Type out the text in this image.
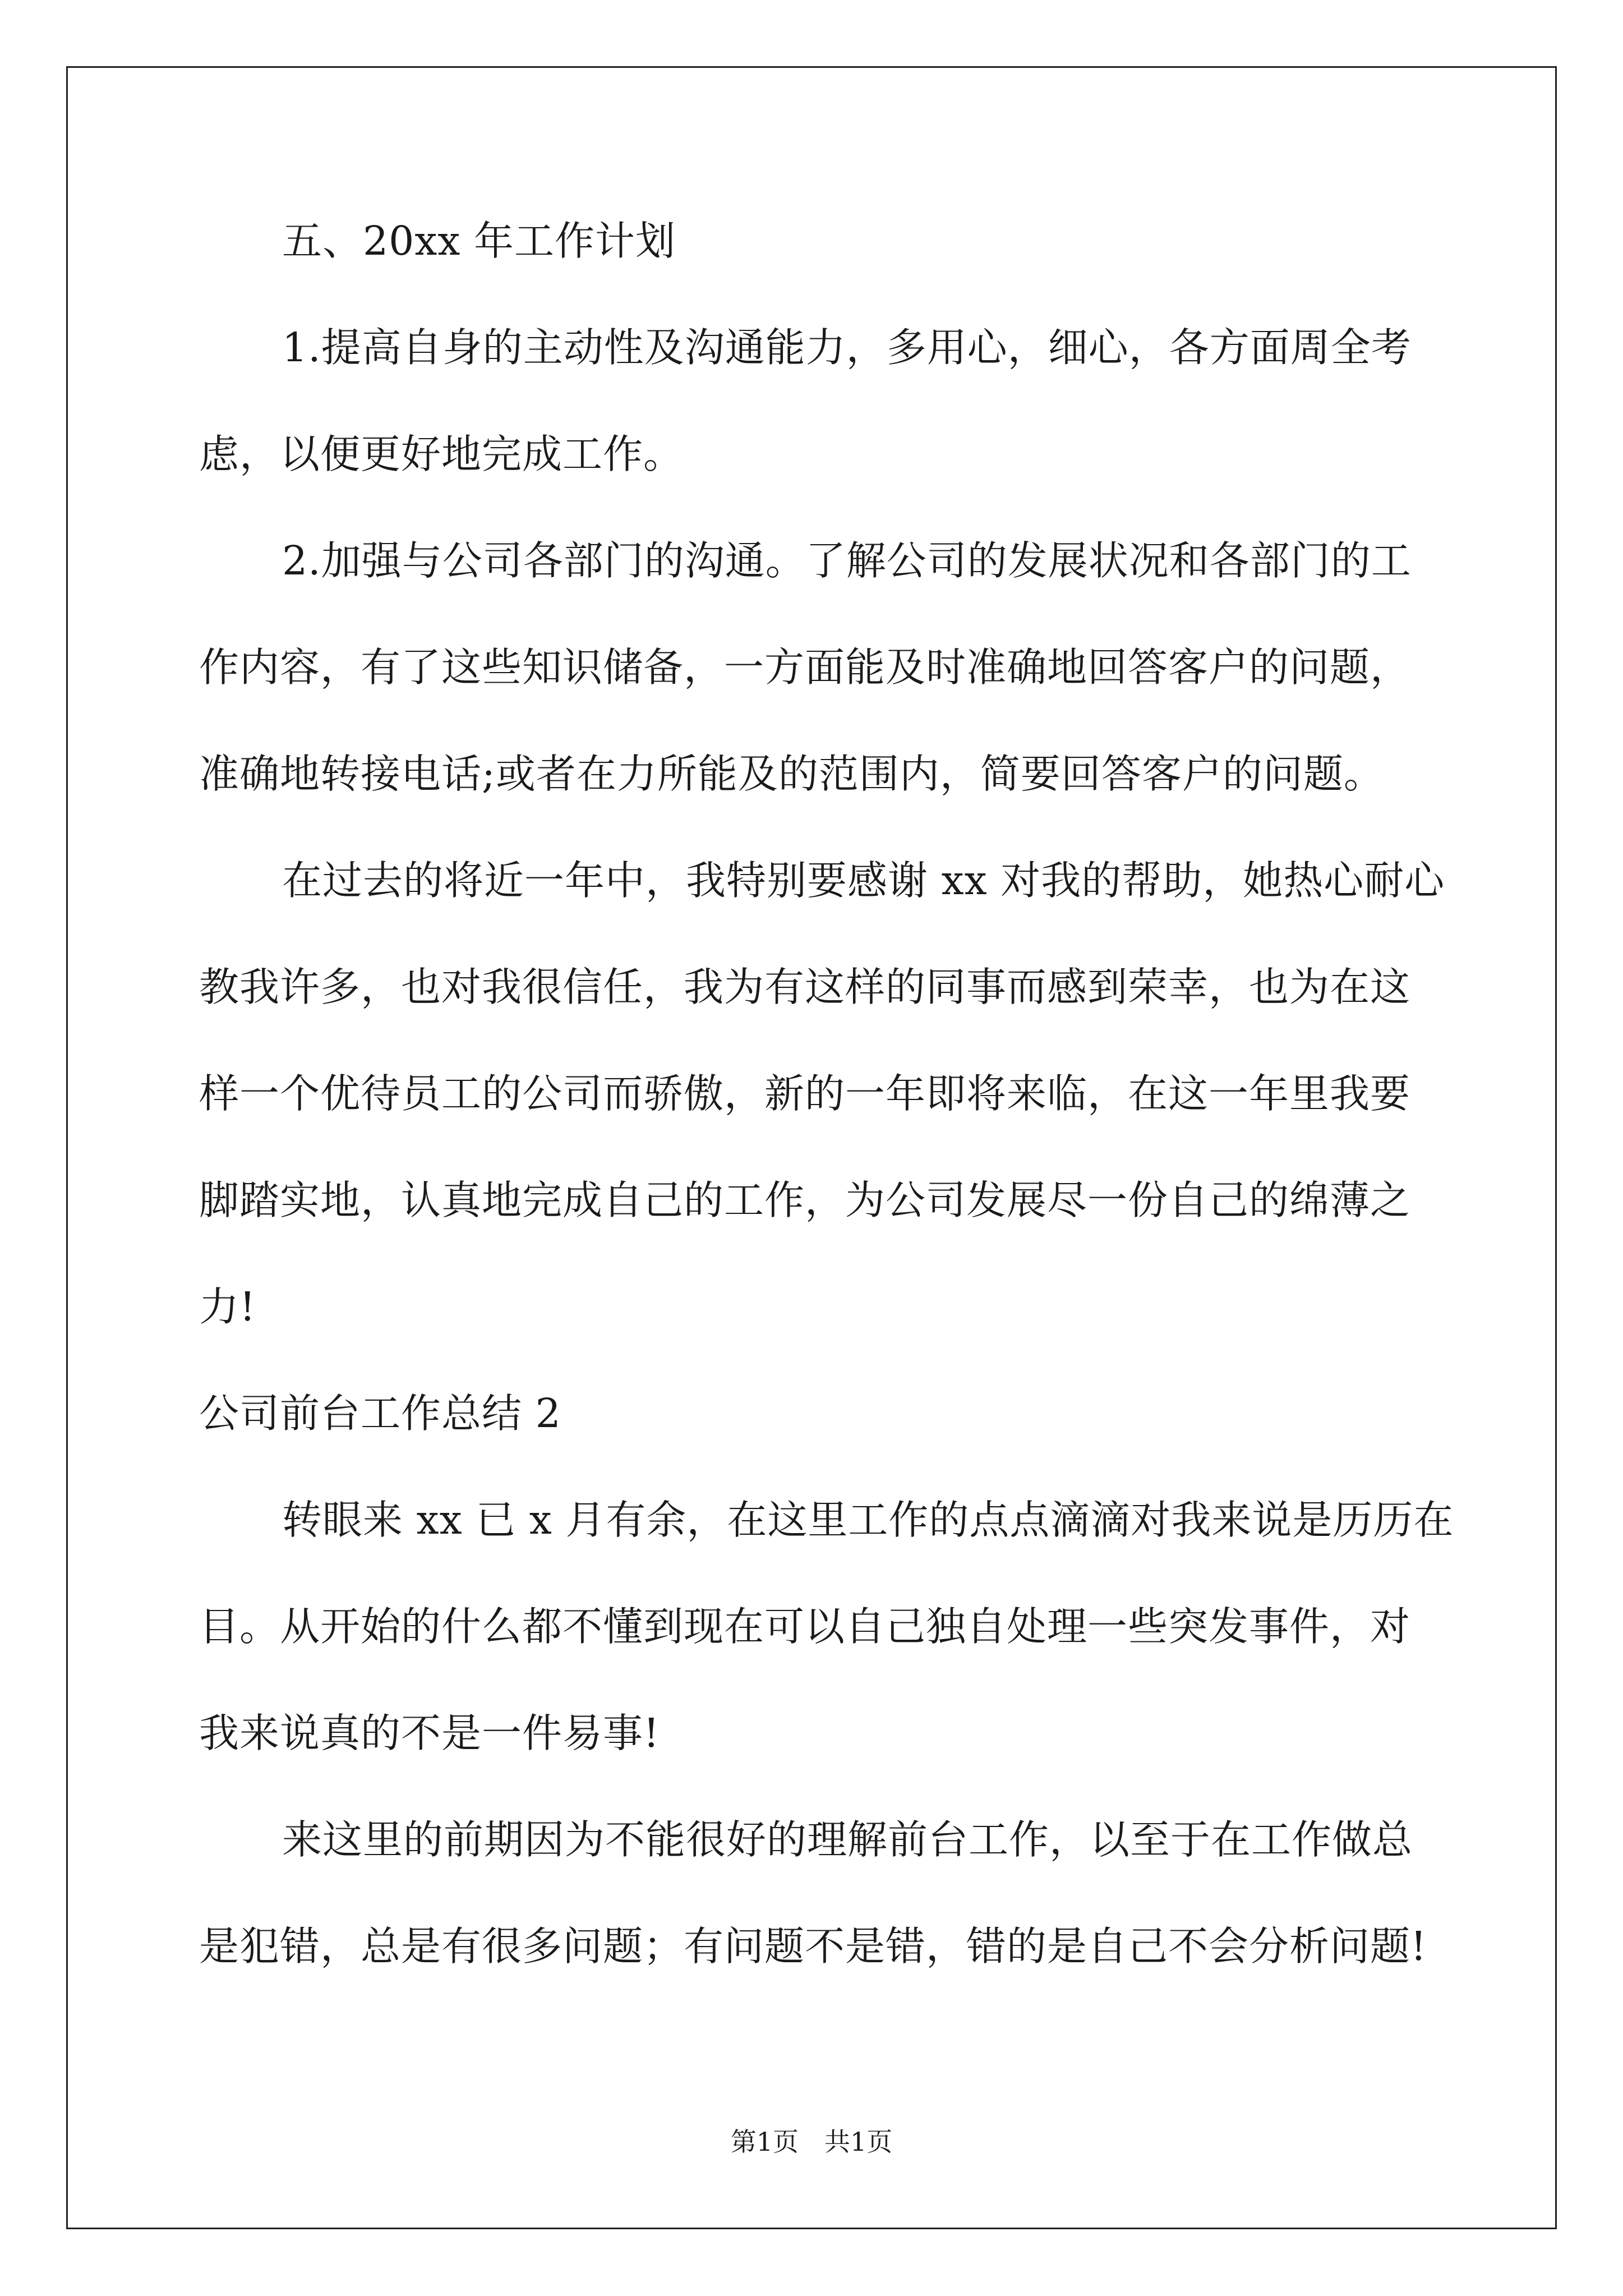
五、20xx 年工作计划
1.提高自身的主动性及沟通能力，多用心，细心，各方面周全考
虑，以便更好地完成工作。
2.加强与公司各部门的沟通。了解公司的发展状况和各部门的工
作内容，有了这些知识储备，一方面能及时准确地回答客户的问题，
准确地转接电话;或者在力所能及的范围内，简要回答客户的问题。
在过去的将近一年中，我特别要感谢 xx 对我的帮助，她热心耐心
教我许多，也对我很信任，我为有这样的同事而感到荣幸，也为在这
样一个优待员工的公司而骄傲，新的一年即将来临，在这一年里我要
脚踏实地，认真地完成自己的工作，为公司发展尽一份自己的绵薄之
力!
公司前台工作总结 2
转眼来 xx 已 x 月有余，在这里工作的点点滴滴对我来说是历历在
目。从开始的什么都不懂到现在可以自己独自处理一些突发事件，对
我来说真的不是一件易事!
来这里的前期因为不能很好的理解前台工作，以至于在工作做总
是犯错，总是有很多问题；有问题不是错，错的是自己不会分析问题!
第1页　共1页
